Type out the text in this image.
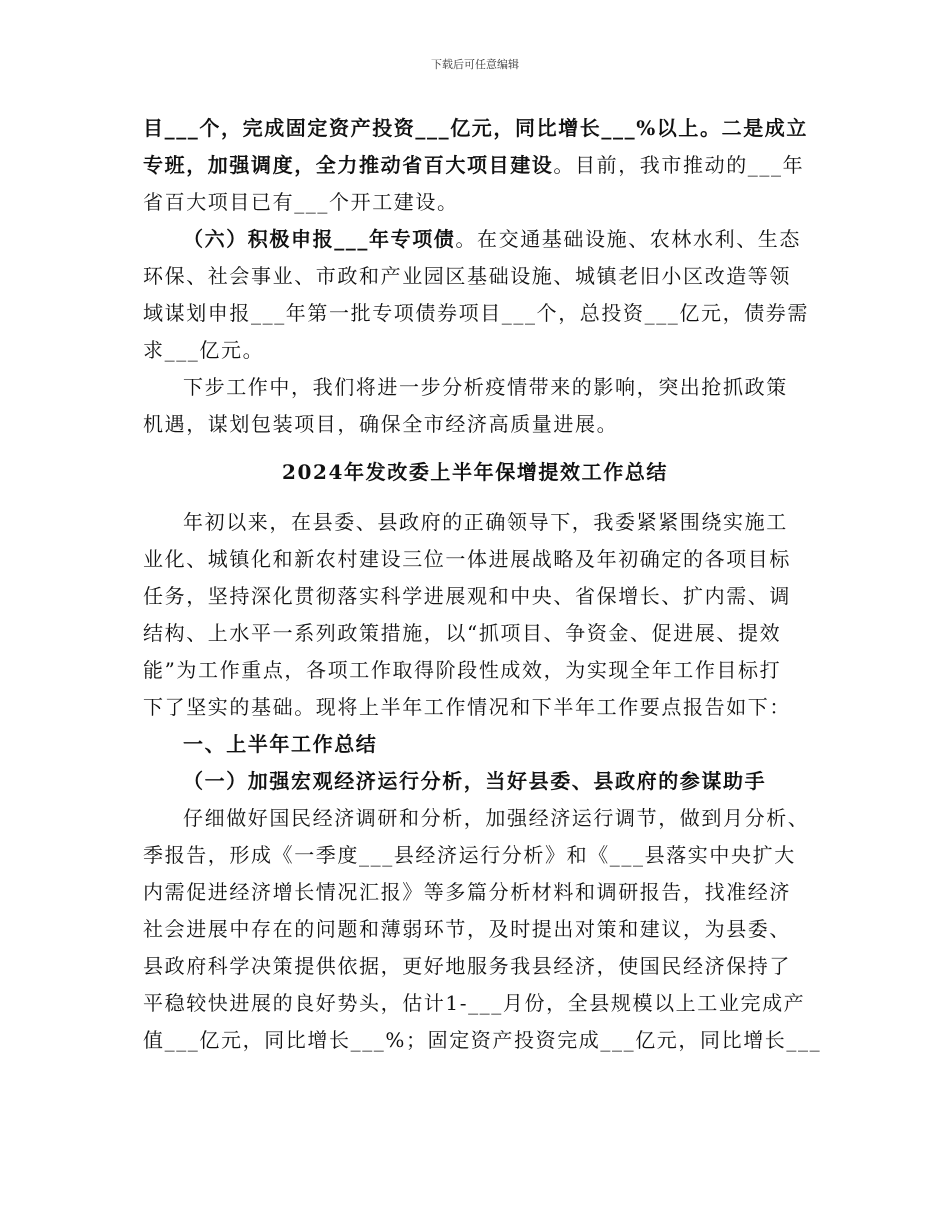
下载后可任意编辑
目___个，完成固定资产投资___亿元，同比增长___%以上。二是成立
专班，加强调度，全力推动省百大项目建设。目前，我市推动的___年
省百大项目已有___个开工建设。
（六）积极申报___年专项债。在交通基础设施、农林水利、生态
环保、社会事业、市政和产业园区基础设施、城镇老旧小区改造等领
域谋划申报___年第一批专项债券项目___个，总投资___亿元，债券需
求___亿元。
下步工作中，我们将进一步分析疫情带来的影响，突出抢抓政策
机遇，谋划包装项目，确保全市经济高质量进展。
2024年发改委上半年保增提效工作总结
年初以来，在县委、县政府的正确领导下，我委紧紧围绕实施工
业化、城镇化和新农村建设三位一体进展战略及年初确定的各项目标
任务，坚持深化贯彻落实科学进展观和中央、省保增长、扩内需、调
结构、上水平一系列政策措施，以“抓项目、争资金、促进展、提效
能”为工作重点，各项工作取得阶段性成效，为实现全年工作目标打
下了坚实的基础。现将上半年工作情况和下半年工作要点报告如下：
一、上半年工作总结
（一）加强宏观经济运行分析，当好县委、县政府的参谋助手
仔细做好国民经济调研和分析，加强经济运行调节，做到月分析、
季报告，形成《一季度___县经济运行分析》和《___县落实中央扩大
内需促进经济增长情况汇报》等多篇分析材料和调研报告，找准经济
社会进展中存在的问题和薄弱环节，及时提出对策和建议，为县委、
县政府科学决策提供依据，更好地服务我县经济，使国民经济保持了
平稳较快进展的良好势头，估计1-___月份，全县规模以上工业完成产
值___亿元，同比增长___%；固定资产投资完成___亿元，同比增长___
